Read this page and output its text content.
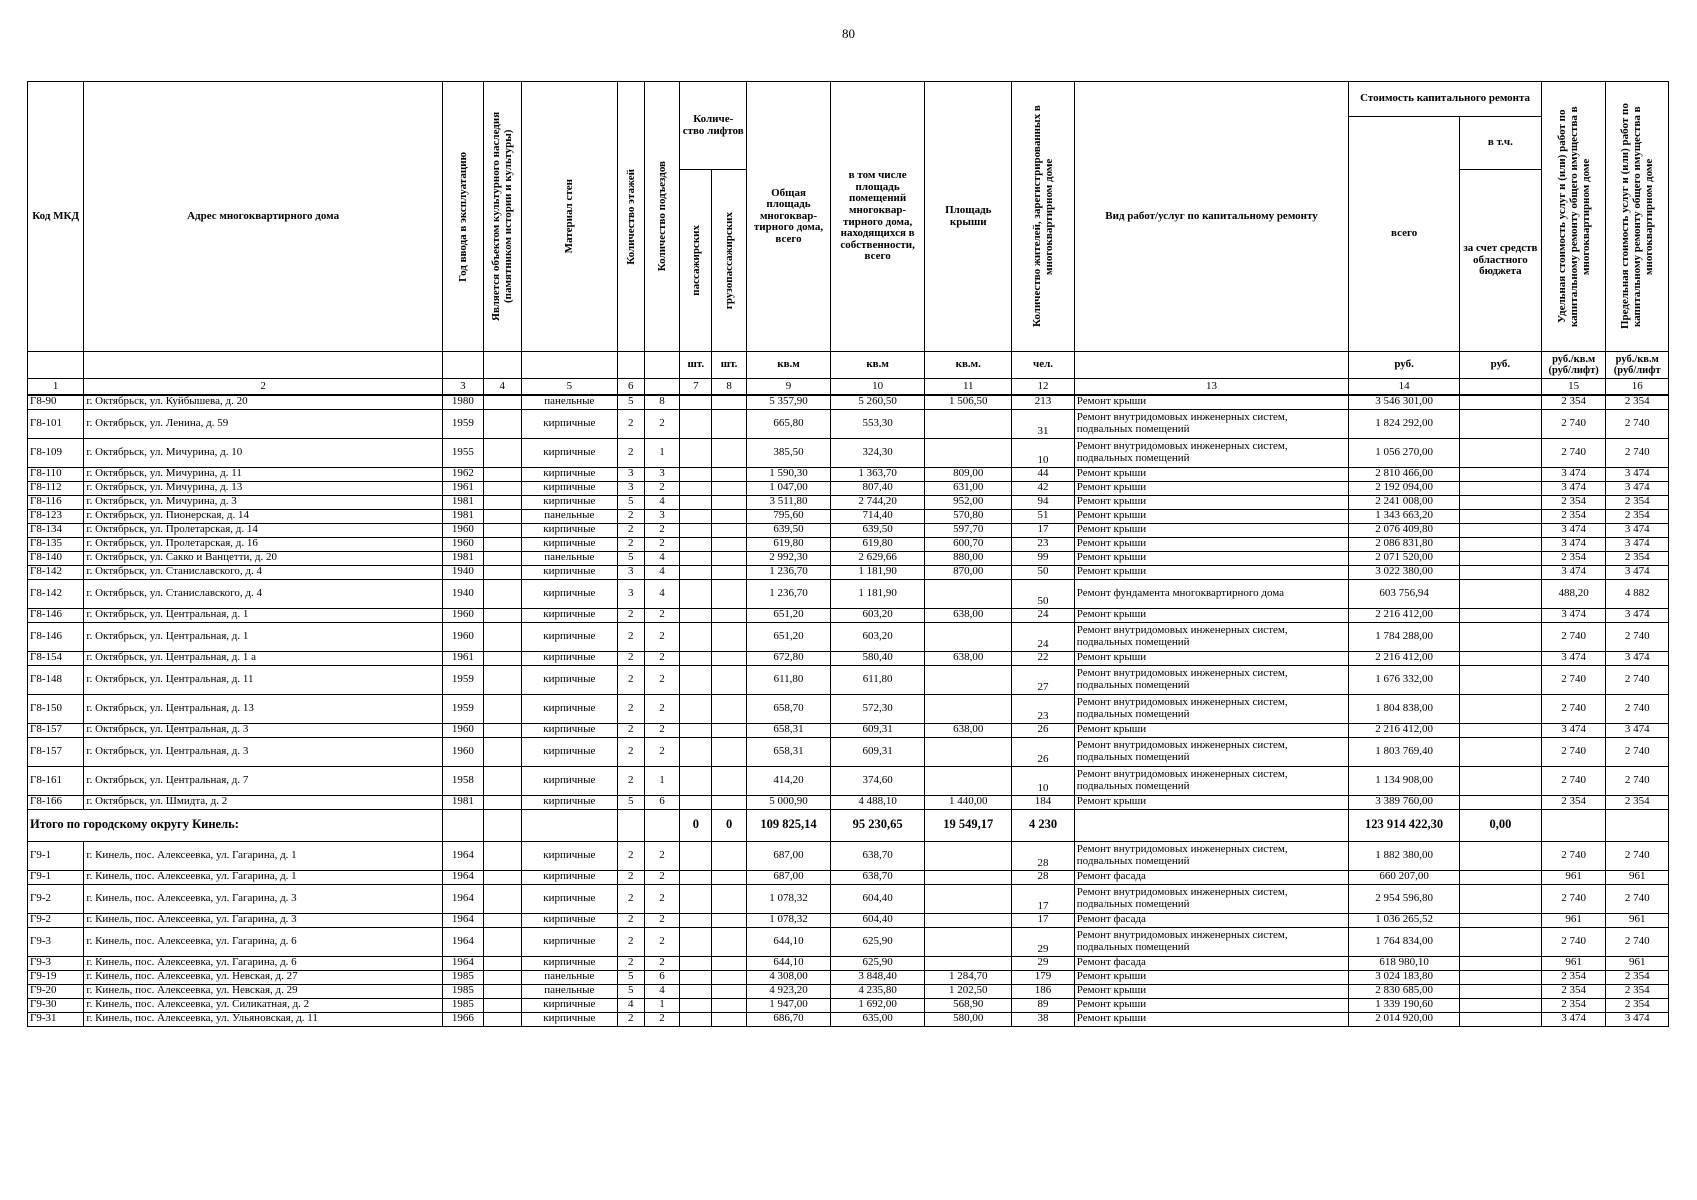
80
Код МКД	Адрес многоквартирного дома	Год ввода в эксплуатацию	Является объектом культурного наследия (памятником истории и культуры)	Материал стен	Количество этажей	Количество подъездов	Количе-ство лифтов		Общая площадь многоквар-тирного дома, всего	в том числе площадь помещений многоквар-тирного дома, находящихся в собственности, всего	Площадь крыши	Количество жителей, зарегистрированных в многоквартирном доме	Вид работ/услуг по капитальному ремонту	Стоимость капитального ремонта		Удельная стоимость услуг и (или) работ по капитальному ремонту общего имущества в многоквартирном доме	Предельная стоимость услуг и (или) работ по капитальному ремонту общего имущества в многоквартирном доме

														всего	в т.ч.		

							пассажирских	грузопассажирских							за счет средств областного бюджета		
							шт.	шт.	кв.м	кв.м	кв.м.	чел.		руб.	руб.	руб./кв.м (руб/лифт)	руб./кв.м (руб/лифт
1	2	3	4	5	6		7	8	9	10	11	12	13	14		15	16
Г8-90	г. Октябрьск, ул. Куйбышева, д. 20	1980		панельные	5	8			5 357,90	5 260,50	1 506,50	213	Ремонт крыши	3 546 301,00		2 354	2 354
Г8-101	г. Октябрьск, ул. Ленина, д. 59	1959		кирпичные	2	2			665,80	553,30		31	Ремонт внутридомовых инженерных систем, подвальных помещений	1 824 292,00		2 740	2 740
Г8-109	г. Октябрьск, ул. Мичурина, д. 10	1955		кирпичные	2	1			385,50	324,30		10	Ремонт внутридомовых инженерных систем, подвальных помещений	1 056 270,00		2 740	2 740
Г8-110	г. Октябрьск, ул. Мичурина, д. 11	1962		кирпичные	3	3			1 590,30	1 363,70	809,00	44	Ремонт крыши	2 810 466,00		3 474	3 474
Г8-112	г. Октябрьск, ул. Мичурина, д. 13	1961		кирпичные	3	2			1 047,00	807,40	631,00	42	Ремонт крыши	2 192 094,00		3 474	3 474
Г8-116	г. Октябрьск, ул. Мичурина, д. 3	1981		кирпичные	5	4			3 511,80	2 744,20	952,00	94	Ремонт крыши	2 241 008,00		2 354	2 354
Г8-123	г. Октябрьск, ул. Пионерская, д. 14	1981		панельные	2	3			795,60	714,40	570,80	51	Ремонт крыши	1 343 663,20		2 354	2 354
Г8-134	г. Октябрьск, ул. Пролетарская, д. 14	1960		кирпичные	2	2			639,50	639,50	597,70	17	Ремонт крыши	2 076 409,80		3 474	3 474
Г8-135	г. Октябрьск, ул. Пролетарская, д. 16	1960		кирпичные	2	2			619,80	619,80	600,70	23	Ремонт крыши	2 086 831,80		3 474	3 474
Г8-140	г. Октябрьск, ул. Сакко и Ванцетти, д. 20	1981		панельные	5	4			2 992,30	2 629,66	880,00	99	Ремонт крыши	2 071 520,00		2 354	2 354
Г8-142	г. Октябрьск, ул. Станиславского, д. 4	1940		кирпичные	3	4			1 236,70	1 181,90	870,00	50	Ремонт крыши	3 022 380,00		3 474	3 474
Г8-142	г. Октябрьск, ул. Станиславского, д. 4	1940		кирпичные	3	4			1 236,70	1 181,90		50	Ремонт фундамента многоквартирного дома	603 756,94		488,20	4 882
Г8-146	г. Октябрьск, ул. Центральная, д. 1	1960		кирпичные	2	2			651,20	603,20	638,00	24	Ремонт крыши	2 216 412,00		3 474	3 474
Г8-146	г. Октябрьск, ул. Центральная, д. 1	1960		кирпичные	2	2			651,20	603,20		24	Ремонт внутридомовых инженерных систем, подвальных помещений	1 784 288,00		2 740	2 740
Г8-154	г. Октябрьск, ул. Центральная, д. 1 а	1961		кирпичные	2	2			672,80	580,40	638,00	22	Ремонт крыши	2 216 412,00		3 474	3 474
Г8-148	г. Октябрьск, ул. Центральная, д. 11	1959		кирпичные	2	2			611,80	611,80		27	Ремонт внутридомовых инженерных систем, подвальных помещений	1 676 332,00		2 740	2 740
Г8-150	г. Октябрьск, ул. Центральная, д. 13	1959		кирпичные	2	2			658,70	572,30		23	Ремонт внутридомовых инженерных систем, подвальных помещений	1 804 838,00		2 740	2 740
Г8-157	г. Октябрьск, ул. Центральная, д. 3	1960		кирпичные	2	2			658,31	609,31	638,00	26	Ремонт крыши	2 216 412,00		3 474	3 474
Г8-157	г. Октябрьск, ул. Центральная, д. 3	1960		кирпичные	2	2			658,31	609,31		26	Ремонт внутридомовых инженерных систем, подвальных помещений	1 803 769,40		2 740	2 740
Г8-161	г. Октябрьск, ул. Центральная, д. 7	1958		кирпичные	2	1			414,20	374,60		10	Ремонт внутридомовых инженерных систем, подвальных помещений	1 134 908,00		2 740	2 740
Г8-166	г. Октябрьск, ул. Шмидта, д. 2	1981		кирпичные	5	6			5 000,90	4 488,10	1 440,00	184	Ремонт крыши	3 389 760,00		2 354	2 354
Итого по городскому округу Кинель:							0	0	109 825,14	95 230,65	19 549,17	4 230		123 914 422,30	0,00		
Г9-1	г. Кинель, пос. Алексеевка, ул. Гагарина, д. 1	1964		кирпичные	2	2			687,00	638,70		28	Ремонт внутридомовых инженерных систем, подвальных помещений	1 882 380,00		2 740	2 740
Г9-1	г. Кинель, пос. Алексеевка, ул. Гагарина, д. 1	1964		кирпичные	2	2			687,00	638,70		28	Ремонт фасада	660 207,00		961	961
Г9-2	г. Кинель, пос. Алексеевка, ул. Гагарина, д. 3	1964		кирпичные	2	2			1 078,32	604,40		17	Ремонт внутридомовых инженерных систем, подвальных помещений	2 954 596,80		2 740	2 740
Г9-2	г. Кинель, пос. Алексеевка, ул. Гагарина, д. 3	1964		кирпичные	2	2			1 078,32	604,40		17	Ремонт фасада	1 036 265,52		961	961
Г9-3	г. Кинель, пос. Алексеевка, ул. Гагарина, д. 6	1964		кирпичные	2	2			644,10	625,90		29	Ремонт внутридомовых инженерных систем, подвальных помещений	1 764 834,00		2 740	2 740
Г9-3	г. Кинель, пос. Алексеевка, ул. Гагарина, д. 6	1964		кирпичные	2	2			644,10	625,90		29	Ремонт фасада	618 980,10		961	961
Г9-19	г. Кинель, пос. Алексеевка, ул. Невская, д. 27	1985		панельные	5	6			4 308,00	3 848,40	1 284,70	179	Ремонт крыши	3 024 183,80		2 354	2 354
Г9-20	г. Кинель, пос. Алексеевка, ул. Невская, д. 29	1985		панельные	5	4			4 923,20	4 235,80	1 202,50	186	Ремонт крыши	2 830 685,00		2 354	2 354
Г9-30	г. Кинель, пос. Алексеевка, ул. Силикатная, д. 2	1985		кирпичные	4	1			1 947,00	1 692,00	568,90	89	Ремонт крыши	1 339 190,60		2 354	2 354
Г9-31	г. Кинель, пос. Алексеевка, ул. Ульяновская, д. 11	1966		кирпичные	2	2			686,70	635,00	580,00	38	Ремонт крыши	2 014 920,00		3 474	3 474
